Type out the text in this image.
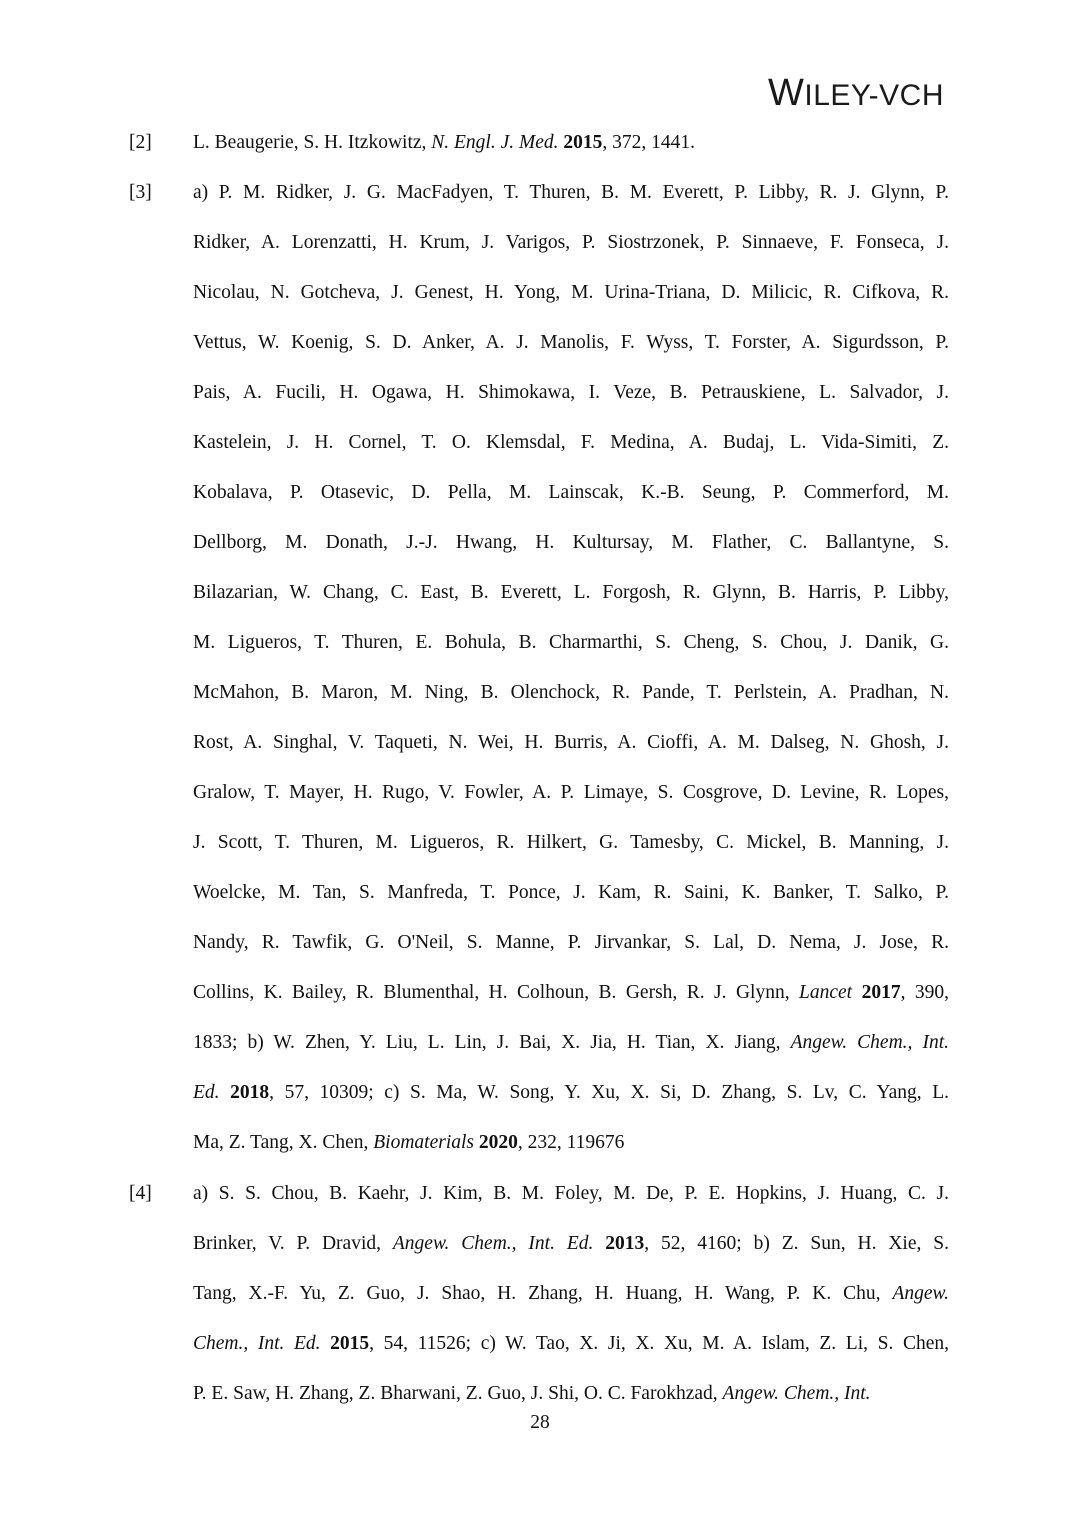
WILEY-VCH
[2] L. Beaugerie, S. H. Itzkowitz, N. Engl. J. Med. 2015, 372, 1441.
[3] a) P. M. Ridker, J. G. MacFadyen, T. Thuren, B. M. Everett, P. Libby, R. J. Glynn, P.
Ridker, A. Lorenzatti, H. Krum, J. Varigos, P. Siostrzonek, P. Sinnaeve, F. Fonseca, J.
Nicolau, N. Gotcheva, J. Genest, H. Yong, M. Urina-Triana, D. Milicic, R. Cifkova, R.
Vettus, W. Koenig, S. D. Anker, A. J. Manolis, F. Wyss, T. Forster, A. Sigurdsson, P.
Pais, A. Fucili, H. Ogawa, H. Shimokawa, I. Veze, B. Petrauskiene, L. Salvador, J.
Kastelein, J. H. Cornel, T. O. Klemsdal, F. Medina, A. Budaj, L. Vida-Simiti, Z.
Kobalava, P. Otasevic, D. Pella, M. Lainscak, K.-B. Seung, P. Commerford, M.
Dellborg, M. Donath, J.-J. Hwang, H. Kultursay, M. Flather, C. Ballantyne, S.
Bilazarian, W. Chang, C. East, B. Everett, L. Forgosh, R. Glynn, B. Harris, P. Libby,
M. Ligueros, T. Thuren, E. Bohula, B. Charmarthi, S. Cheng, S. Chou, J. Danik, G.
McMahon, B. Maron, M. Ning, B. Olenchock, R. Pande, T. Perlstein, A. Pradhan, N.
Rost, A. Singhal, V. Taqueti, N. Wei, H. Burris, A. Cioffi, A. M. Dalseg, N. Ghosh, J.
Gralow, T. Mayer, H. Rugo, V. Fowler, A. P. Limaye, S. Cosgrove, D. Levine, R. Lopes,
J. Scott, T. Thuren, M. Ligueros, R. Hilkert, G. Tamesby, C. Mickel, B. Manning, J.
Woelcke, M. Tan, S. Manfreda, T. Ponce, J. Kam, R. Saini, K. Banker, T. Salko, P.
Nandy, R. Tawfik, G. O'Neil, S. Manne, P. Jirvankar, S. Lal, D. Nema, J. Jose, R.
Collins, K. Bailey, R. Blumenthal, H. Colhoun, B. Gersh, R. J. Glynn, Lancet 2017, 390,
1833; b) W. Zhen, Y. Liu, L. Lin, J. Bai, X. Jia, H. Tian, X. Jiang, Angew. Chem., Int.
Ed. 2018, 57, 10309; c) S. Ma, W. Song, Y. Xu, X. Si, D. Zhang, S. Lv, C. Yang, L.
Ma, Z. Tang, X. Chen, Biomaterials 2020, 232, 119676
[4] a) S. S. Chou, B. Kaehr, J. Kim, B. M. Foley, M. De, P. E. Hopkins, J. Huang, C. J.
Brinker, V. P. Dravid, Angew. Chem., Int. Ed. 2013, 52, 4160; b) Z. Sun, H. Xie, S.
Tang, X.-F. Yu, Z. Guo, J. Shao, H. Zhang, H. Huang, H. Wang, P. K. Chu, Angew.
Chem., Int. Ed. 2015, 54, 11526; c) W. Tao, X. Ji, X. Xu, M. A. Islam, Z. Li, S. Chen,
P. E. Saw, H. Zhang, Z. Bharwani, Z. Guo, J. Shi, O. C. Farokhzad, Angew. Chem., Int.
28
